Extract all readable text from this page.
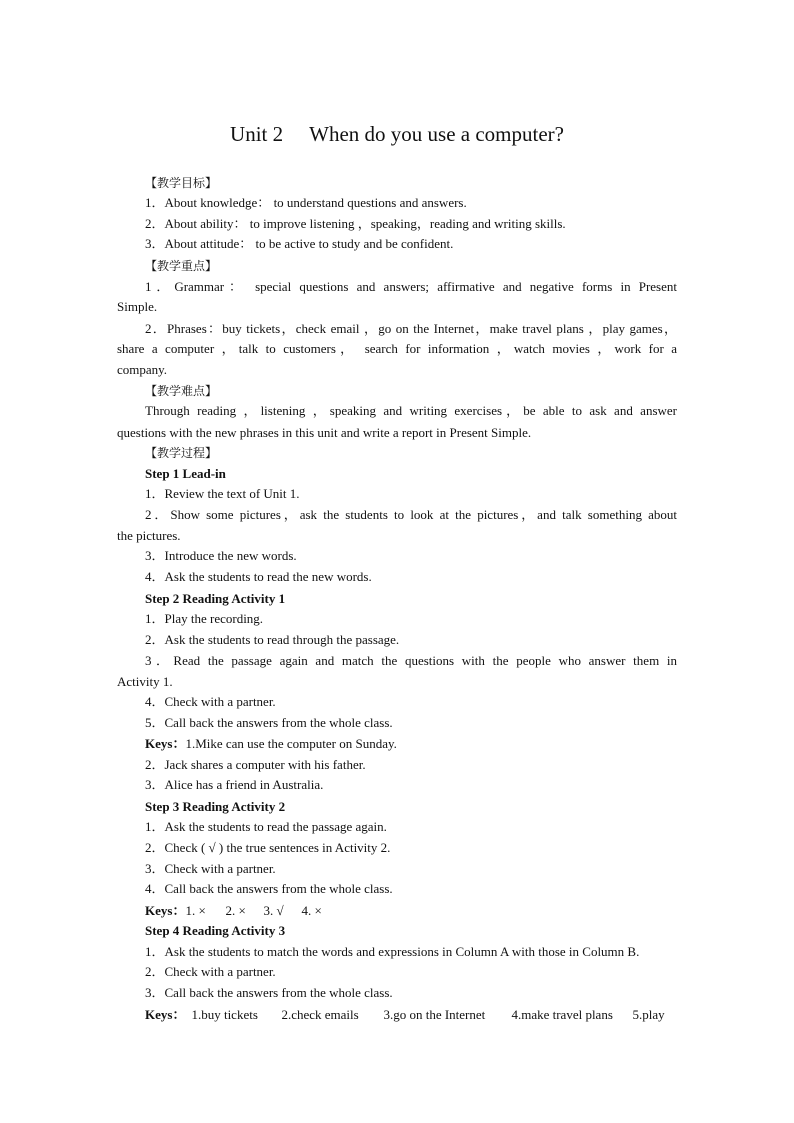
Unit 2 When do you use a computer?
【教学目标】
1．About knowledge： to understand questions and answers.
2．About ability： to improve listening ，speaking，reading and writing skills.
3．About attitude： to be active to study and be confident.
【教学重点】
1．Grammar： special questions and answers; affirmative and negative forms in Present
Simple.
2．Phrases：buy tickets，check email ，go on the Internet，make travel plans ，play games，
share a computer ，talk to customers， search for information ，watch movies ，work for a
company.
【教学难点】
Through reading ，listening ，speaking and writing exercises，be able to ask and answer
questions with the new phrases in this unit and write a report in Present Simple.
【教学过程】
Step 1 Lead-in
1．Review the text of Unit 1.
2．Show some pictures，ask the students to look at the pictures，and talk something about
the pictures.
3．Introduce the new words.
4．Ask the students to read the new words.
Step 2 Reading Activity 1
1．Play the recording.
2．Ask the students to read through the passage.
3．Read the passage again and match the questions with the people who answer them in
Activity 1.
4．Check with a partner.
5．Call back the answers from the whole class.
Keys：1.Mike can use the computer on Sunday.
2．Jack shares a computer with his father.
3．Alice has a friend in Australia.
Step 3 Reading Activity 2
1．Ask the students to read the passage again.
2．Check ( √ ) the true sentences in Activity 2.
3．Check with a partner.
4．Call back the answers from the whole class.
Keys：1. × 2. × 3. √ 4. ×
Step 4 Reading Activity 3
1．Ask the students to match the words and expressions in Column A with those in Column B.
2．Check with a partner.
3．Call back the answers from the whole class.
Keys： 1.buy tickets 2.check emails 3.go on the Internet 4.make travel plans 5.play
